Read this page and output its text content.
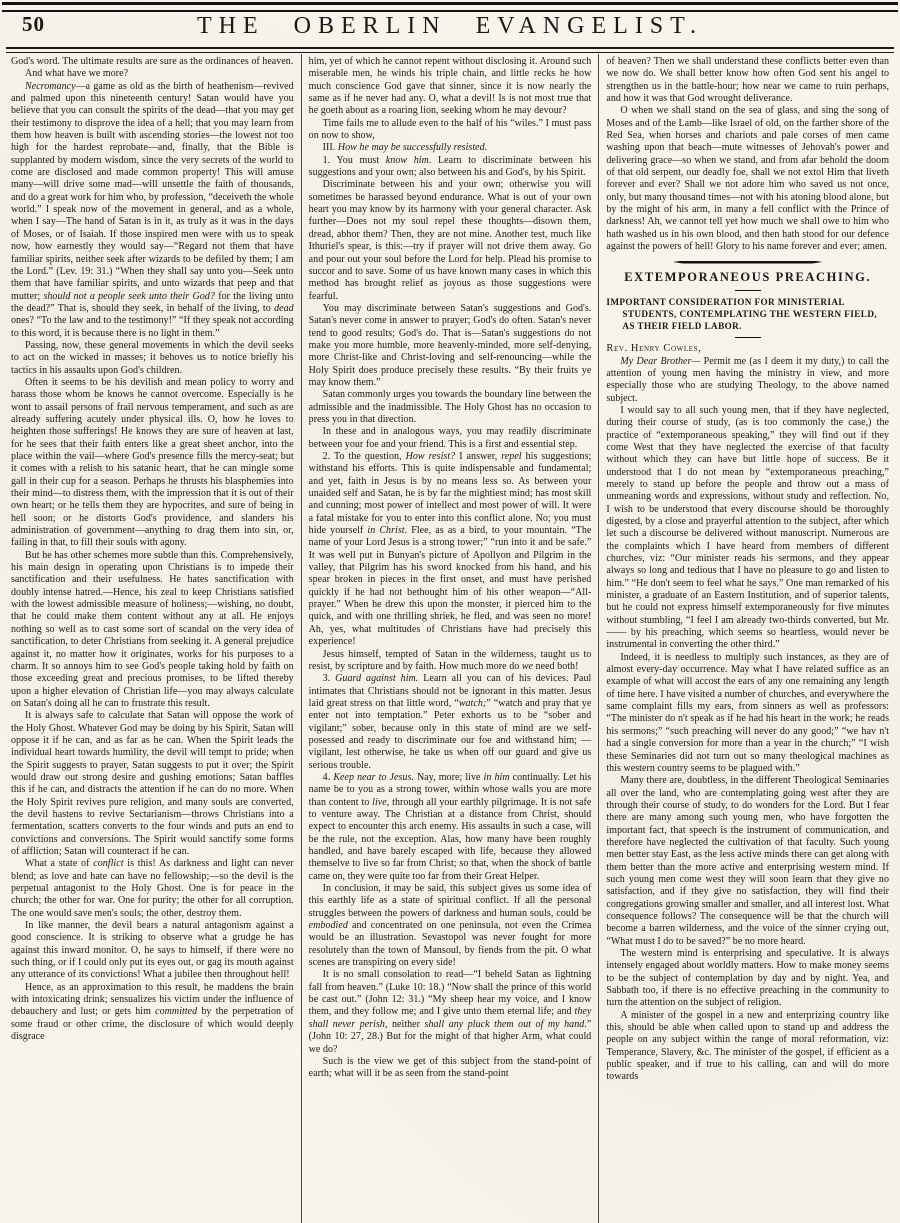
50	THE OBERLIN EVANGELIST.
God's word. The ultimate results are sure as the ordinances of heaven.
And what have we more?
Necromancy—a game as old as the birth of heathenism—revived and palmed upon this nineteenth century! Satan would have you believe that you can consult the spirits of the dead—that you may get their testimony to disprove the idea of a hell; that you may learn from them how heaven is built with ascending stories—the lowest not too high for the hardest reprobate—and, finally, that the Bible is supplanted by modern wisdom, since the very secrets of the world to come are disclosed and made common property! This will amuse many—will drive some mad—will unsettle the faith of thousands, and do a great work for him who, by profession, “deceiveth the whole world.” I speak now of the movement in general, and as a whole, when I say—The hand of Satan is in it, as truly as it was in the days of Moses, or of Isaiah. If those inspired men were with us to speak now, how earnestly they would say—“Regard not them that have familiar spirits, neither seek after wizards to be defiled by them; I am the Lord.” (Lev. 19: 31.) “When they shall say unto you—Seek unto them that have familiar spirits, and unto wizards that peep and that mutter; should not a people seek unto their God? for the living unto the dead?” That is, should they seek, in behalf of the living, to dead ones? “To the law and to the testimony!” “If they speak not according to this word, it is because there is no light in them.”
Passing, now, these general movements in which the devil seeks to act on the wicked in masses; it behoves us to notice briefly his tactics in his assaults upon God's children.
Often it seems to be his devilish and mean policy to worry and harass those whom he knows he cannot overcome. Especially is he wont to assail persons of frail nervous temperament, and such as are already suffering acutely under physical ills. O, how he loves to heighten those sufferings! He knows they are sure of heaven at last, for he sees that their faith enters like a great sheet anchor, into the place within the vail—where God's presence fills the mercy-seat; but it comes with a relish to his satanic heart, that he can mingle some gall in their cup for a season. Perhaps he thrusts his blasphemies into their mind—to distress them, with the impression that it is out of their own heart; or he tells them they are hypocrites, and sure of being in hell soon; or he distorts God's providence, and slanders his administration of government—anything to drag them into sin, or, failing in that, to fill their souls with agony.
But he has other schemes more subtle than this. Comprehensively, his main design in operating upon Christians is to impede their sanctification and their usefulness. He hates sanctification with doubly intense hatred.—Hence, his zeal to keep Christians satisfied with the lowest admissible measure of holiness;—wishing, no doubt, that he could make them content without any at all. He enjoys nothing so well as to cast some sort of scandal on the very idea of sanctification, to deter Christians from seeking it. A general prejudice against it, no matter how it originates, works for his purposes to a charm. It so annoys him to see God's people taking hold by faith on those exceeding great and precious promises, to be lifted thereby upon a higher elevation of Christian life—you may always calculate on Satan's doing all he can to frustrate this result.
It is always safe to calculate that Satan will oppose the work of the Holy Ghost. Whatever God may be doing by his Spirit, Satan will oppose it if he can, and as far as he can. When the Spirit leads the individual heart towards humility, the devil will tempt to pride; when the Spirit suggests to prayer, Satan suggests to put it over; the Spirit would draw out strong desire and gushing emotions; Satan baffles this if he can, and distracts the attention if he can do no more. When the Holy Spirit revives pure religion, and many souls are converted, the devil hastens to revive Sectarianism—throws Christians into a fermentation, scatters converts to the four winds and puts an end to convictions and conversions. The Spirit would sanctify some forms of affliction; Satan will counteract if he can.
What a state of conflict is this! As darkness and light can never blend; as love and hate can have no fellowship;—so the devil is the perpetual antagonist to the Holy Ghost. One is for peace in the church; the other for war. One for purity; the other for all corruption. The one would save men's souls; the other, destroy them.
In like manner, the devil bears a natural antagonism against a good conscience. It is striking to observe what a grudge he has against this inward monitor. O, he says to himself, if there were no such thing, or if I could only put its eyes out, or gag its mouth against any utterance of its convictions! What a jubilee then throughout hell!
Hence, as an approximation to this result, he maddens the brain with intoxicating drink; sensualizes his victim under the influence of debauchery and lust; or gets him committed by the perpetration of some fraud or other crime, the disclosure of which would deeply disgrace
him, yet of which he cannot repent without disclosing it. Around such miserable men, he winds his triple chain, and little recks he how much conscience God gave that sinner, since it is now nearly the same as if he never had any. O, what a devil! Is is not most true that he goeth about as a roaring lion, seeking whom he may devour?
Time fails me to allude even to the half of his “wiles.” I must pass on now to show,
III. How he may be successfully resisted.
1. You must know him. Learn to discriminate between his suggestions and your own; also between his and God's, by his Spirit.
Discriminate between his and your own; otherwise you will sometimes be harassed beyond endurance. What is out of your own heart you may know by its harmony with your general character. Ask further—Does not my soul repel these thoughts—disown them, dread, abhor them? Then, they are not mine. Another test, much like Ithuriel's spear, is this:—try if prayer will not drive them away. Go and pour out your soul before the Lord for help. Plead his promise to succor and to save. Some of us have known many cases in which this method has brought relief as joyous as those suggestions were fearful.
You may discriminate between Satan's suggestions and God's. Satan's never come in answer to prayer; God's do often. Satan's never tend to good results; God's do. That is—Satan's suggestions do not make you more humble, more heavenly-minded, more self-denying, more Christ-like and Christ-loving and self-renouncing—while the Holy Spirit does produce precisely these results. “By their fruits ye may know them.”
Satan commonly urges you towards the boundary line between the admissible and the inadmissible. The Holy Ghost has no occasion to press you in that direction.
In these and in analogous ways, you may readily discriminate between your foe and your friend. This is a first and essential step.
2. To the question, How resist? I answer, repel his suggestions; withstand his efforts. This is quite indispensable and fundamental; and yet, faith in Jesus is by no means less so. As between your unaided self and Satan, he is by far the mightiest mind; has most skill and cunning; most power of intellect and most power of will. It were a fatal mistake for you to enter into this conflict alone. No; you must hide yourself in Christ. Flee, as as a bird, to your mountain. “The name of your Lord Jesus is a strong tower;” “run into it and be safe.” It was well put in Bunyan's picture of Apollyon and Pilgrim in the valley, that Pilgrim has his sword knocked from his hand, and his spear broken in pieces in the first onset, and must have perished quickly if he had not bethought him of his other weapon—“All-prayer.” When he drew this upon the monster, it pierced him to the quick, and with one thrilling shriek, he fled, and was seen no more! Ah, yes, what multitudes of Christians have had precisely this experience!
Jesus himself, tempted of Satan in the wilderness, taught us to resist, by scripture and by faith. How much more do we need both!
3. Guard against him. Learn all you can of his devices. Paul intimates that Christians should not be ignorant in this matter. Jesus laid great stress on that little word, “watch;” “watch and pray that ye enter not into temptation.” Peter exhorts us to be “sober and vigilant;” sober, because only in this state of mind are we self-posessed and ready to discriminate our foe and withstand him; —vigilant, lest otherwise, he take us when off our guard and give us serious trouble.
4. Keep near to Jesus. Nay, more; live in him continually. Let his name be to you as a strong tower, within whose walls you are more than content to live, through all your earthly pilgrimage. It is not safe to venture away. The Christian at a distance from Christ, should expect to encounter this arch enemy. His assaults in such a case, will be the rule, not the exception. Alas, how many have been roughly handled, and have barely escaped with life, because they allowed themselve to live so far from Christ; so that, when the shock of battle came on, they were quite too far from their Great Helper.
In conclusion, it may be said, this subject gives us some idea of this earthly life as a state of spiritual conflict. If all the personal struggles between the powers of darkness and human souls, could be embodied and concentrated on one peninsula, not even the Crimea would be an illustration. Sevastopol was never fought for more resolutely than the town of Mansoul, by fiends from the pit. O what scenes are transpiring on every side!
It is no small consolation to read—“I beheld Satan as lightning fall from heaven.” (Luke 10: 18.) “Now shall the prince of this world be cast out.” (John 12: 31.) “My sheep hear my voice, and I know them, and they follow me; and I give unto them eternal life; and they shall never perish, neither shall any pluck them out of my hand.” (John 10: 27, 28.) But for the might of that higher Arm, what could we do?
Such is the view we get of this subject from the stand-point of earth; what will it be as seen from the stand-point
of heaven? Then we shall understand these conflicts better even than we now do. We shall better know how often God sent his angel to strengthen us in the battle-hour; how near we came to ruin perhaps, and how it was that God wrought deliverance.
O when we shall stand on the sea of glass, and sing the song of Moses and of the Lamb—like Israel of old, on the farther shore of the Red Sea, when horses and chariots and pale corses of men came washing upon that beach—mute witnesses of Jehovah's power and delivering grace—so when we stand, and from afar behold the doom of that old serpent, our deadly foe, shall we not extol Him that liveth forever and ever? Shall we not adore him who saved us not once, only, but many thousand times—not with his atoning blood alone, but by the might of his arm, in many a fell conflict with the Prince of darkness! Ah, we cannot tell yet how much we shall owe to him who hath washed us in his own blood, and then hath stood for our defence against the powers of hell! Glory to his name forever and ever; amen.
EXTEMPORANEOUS PREACHING.
IMPORTANT CONSIDERATION FOR MINISTERIAL STUDENTS, CONTEMPLATING THE WESTERN FIELD, AS THEIR FIELD LABOR.
Rev. Henry Cowles,
My Dear Brother— Permit me (as I deem it my duty,) to call the attention of young men having the ministry in view, and more especially those who are studying Theology, to the above named subject.
I would say to all such young men, that if they have neglected, during their course of study, (as is too commonly the case,) the practice of “extemporaneous speaking,” they will find out if they come West that they have neglected the exercise of that faculty without which they can have but little hope of success. Be it understood that I do not mean by “extemporaneous preaching,” merely to stand up before the people and throw out a mass of unmeaning words and expressions, without study and reflection. No, I wish to be understood that every discourse should be thoroughly digested, by a close and prayerful attention to the subject, after which let such a discourse be delivered without manuscript. Numerous are the complaints which I have heard from members of different churches, viz: “Our minister reads his sermons, and they appear always so long and tedious that I have no pleasure to go and listen to him.” “He don't seem to feel what he says.” One man remarked of his minister, a graduate of an Eastern Institution, and of superior talents, but he could not express himself extemporaneously for five minutes without stumbling, “I feel I am already two-thirds converted, but Mr. —— by his preaching, which seems so heartless, would never be instrumental in converting the other third.”
Indeed, it is needless to multiply such instances, as they are of almost every-day occurrence. May what I have related suffice as an example of what will accost the ears of any one remaining any length of time here. I have visited a number of churches, and everywhere the same complaint fills my ears, from sinners as well as professors: “The minister do n't speak as if he had his heart in the work; he reads his sermons;” “such preaching will never do any good;” “we hav n't had a single conversion for more than a year in the church;” “I wish these Seminaries did not turn out so many theological machines as this western country seems to be plagued with.”
Many there are, doubtless, in the different Theological Seminaries all over the land, who are contemplating going west after they are through their course of study, to do wonders for the Lord. But I fear there are many among such young men, who have forgotten the important fact, that speech is the instrument of communication, and therefore have neglected the cultivation of that faculty. Such young men better stay East, as the less active minds there can get along with them better than the more active and enterprising western mind. If such young men come west they will soon learn that they give no satisfaction, and if they give no satisfaction, they will find their congregations growing smaller and smaller, and all interest lost. What consequence follows? The consequence will be that the church will become a barren wilderness, and the voice of the sinner crying out, “What must I do to be saved?” be no more heard.
The western mind is enterprising and speculative. It is always intensely engaged about worldly matters. How to make money seems to be the subject of contemplation by day and by night. Yea, and Sabbath too, if there is no effective preaching in the community to turn the attention on the subject of religion.
A minister of the gospel in a new and enterprizing country like this, should be able when called upon to stand up and address the people on any subject within the range of moral reformation, viz: Temperance, Slavery, &c. The minister of the gospel, if efficient as a public speaker, and if true to his calling, can and will do more towards
